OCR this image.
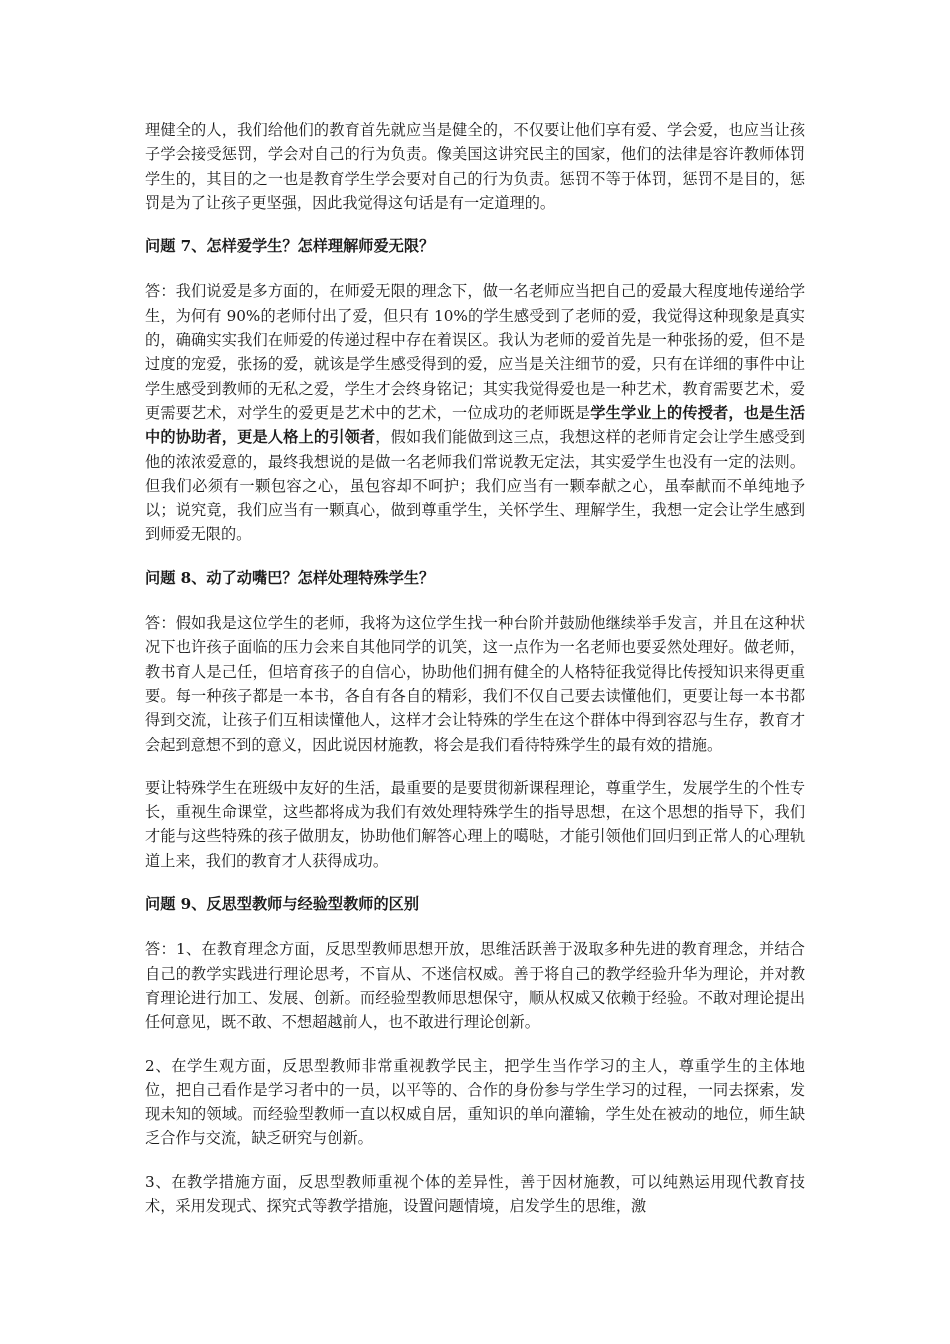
理健全的人，我们给他们的教育首先就应当是健全的，不仅要让他们享有爱、学会爱，也应当让孩子学会接受惩罚，学会对自己的行为负责。像美国这讲究民主的国家，他们的法律是容许教师体罚学生的，其目的之一也是教育学生学会要对自己的行为负责。惩罚不等于体罚，惩罚不是目的，惩罚是为了让孩子更坚强，因此我觉得这句话是有一定道理的。

问题 7、怎样爱学生？怎样理解师爱无限？

答：我们说爱是多方面的，在师爱无限的理念下，做一名老师应当把自己的爱最大程度地传递给学生，为何有 90%的老师付出了爱，但只有 10%的学生感受到了老师的爱，我觉得这种现象是真实的，确确实实我们在师爱的传递过程中存在着误区。我认为老师的爱首先是一种张扬的爱，但不是过度的宠爱，张扬的爱，就该是学生感受得到的爱，应当是关注细节的爱，只有在详细的事件中让学生感受到教师的无私之爱，学生才会终身铭记；其实我觉得爱也是一种艺术，教育需要艺术，爱更需要艺术，对学生的爱更是艺术中的艺术，一位成功的老师既是学生学业上的传授者，也是生活中的协助者，更是人格上的引领者，假如我们能做到这三点，我想这样的老师肯定会让学生感受到他的浓浓爱意的，最终我想说的是做一名老师我们常说教无定法，其实爱学生也没有一定的法则。但我们必须有一颗包容之心，虽包容却不呵护；我们应当有一颗奉献之心，虽奉献而不单纯地予以；说究竟，我们应当有一颗真心，做到尊重学生，关怀学生、理解学生，我想一定会让学生感到到师爱无限的。

问题 8、动了动嘴巴？怎样处理特殊学生？

答：假如我是这位学生的老师，我将为这位学生找一种台阶并鼓励他继续举手发言，并且在这种状况下也许孩子面临的压力会来自其他同学的讥笑，这一点作为一名老师也要妥然处理好。做老师，教书育人是己任，但培育孩子的自信心，协助他们拥有健全的人格特征我觉得比传授知识来得更重要。每一种孩子都是一本书，各自有各自的精彩，我们不仅自己要去读懂他们，更要让每一本书都得到交流，让孩子们互相读懂他人，这样才会让特殊的学生在这个群体中得到容忍与生存，教育才会起到意想不到的意义，因此说因材施教，将会是我们看待特殊学生的最有效的措施。

要让特殊学生在班级中友好的生活，最重要的是要贯彻新课程理论，尊重学生，发展学生的个性专长，重视生命课堂，这些都将成为我们有效处理特殊学生的指导思想，在这个思想的指导下，我们才能与这些特殊的孩子做朋友，协助他们解答心理上的噶哒，才能引领他们回归到正常人的心理轨道上来，我们的教育才人获得成功。

问题 9、反思型教师与经验型教师的区别

答：1、在教育理念方面，反思型教师思想开放，思维活跃善于汲取多种先进的教育理念，并结合自己的教学实践进行理论思考，不盲从、不迷信权威。善于将自己的教学经验升华为理论，并对教育理论进行加工、发展、创新。而经验型教师思想保守，顺从权威又依赖于经验。不敢对理论提出任何意见，既不敢、不想超越前人，也不敢进行理论创新。

2、在学生观方面，反思型教师非常重视教学民主，把学生当作学习的主人，尊重学生的主体地位，把自己看作是学习者中的一员，以平等的、合作的身份参与学生学习的过程，一同去探索，发现未知的领域。而经验型教师一直以权威自居，重知识的单向灌输，学生处在被动的地位，师生缺乏合作与交流，缺乏研究与创新。

3、在教学措施方面，反思型教师重视个体的差异性，善于因材施教，可以纯熟运用现代教育技术，采用发现式、探究式等教学措施，设置问题情境，启发学生的思维，激
